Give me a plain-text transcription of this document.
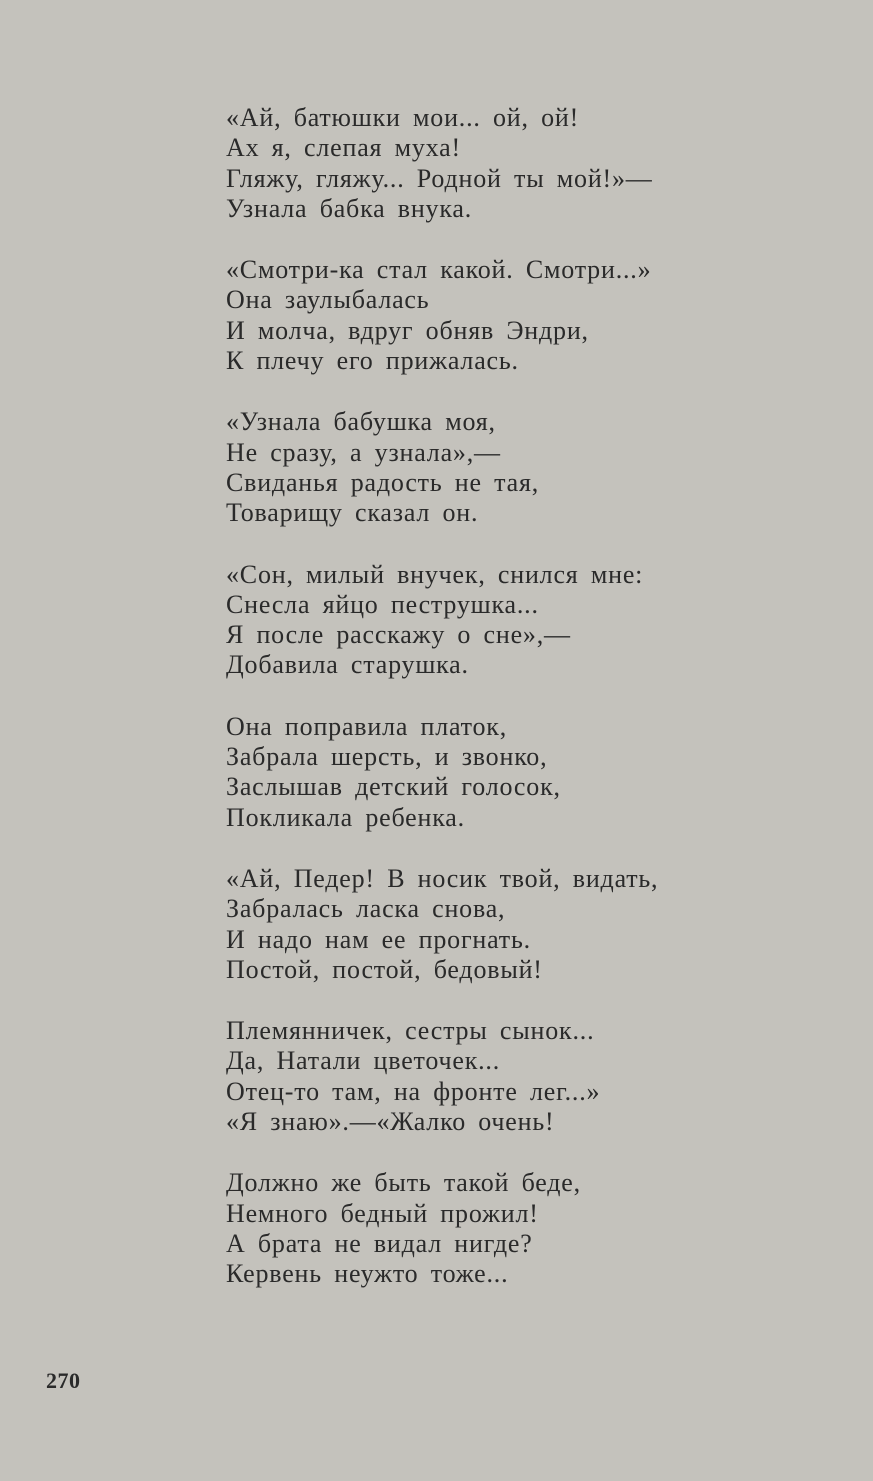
«Ай, батюшки мои... ой, ой!
Ах я, слепая муха!
Гляжу, гляжу... Родной ты мой!»—
Узнала бабка внука.
«Смотри-ка стал какой. Смотри...»
Она заулыбалась
И молча, вдруг обняв Эндри,
К плечу его прижалась.
«Узнала бабушка моя,
Не сразу, а узнала»,—
Свиданья радость не тая,
Товарищу сказал он.
«Сон, милый внучек, снился мне:
Снесла яйцо пеструшка...
Я после расскажу о сне»,—
Добавила старушка.
Она поправила платок,
Забрала шерсть, и звонко,
Заслышав детский голосок,
Покликала ребенка.
«Ай, Педер! В носик твой, видать,
Забралась ласка снова,
И надо нам ее прогнать.
Постой, постой, бедовый!
Племянничек, сестры сынок...
Да, Натали цветочек...
Отец-то там, на фронте лег...»
«Я знаю».—«Жалко очень!
Должно же быть такой беде,
Немного бедный прожил!
А брата не видал нигде?
Кервень неужто тоже...
270
